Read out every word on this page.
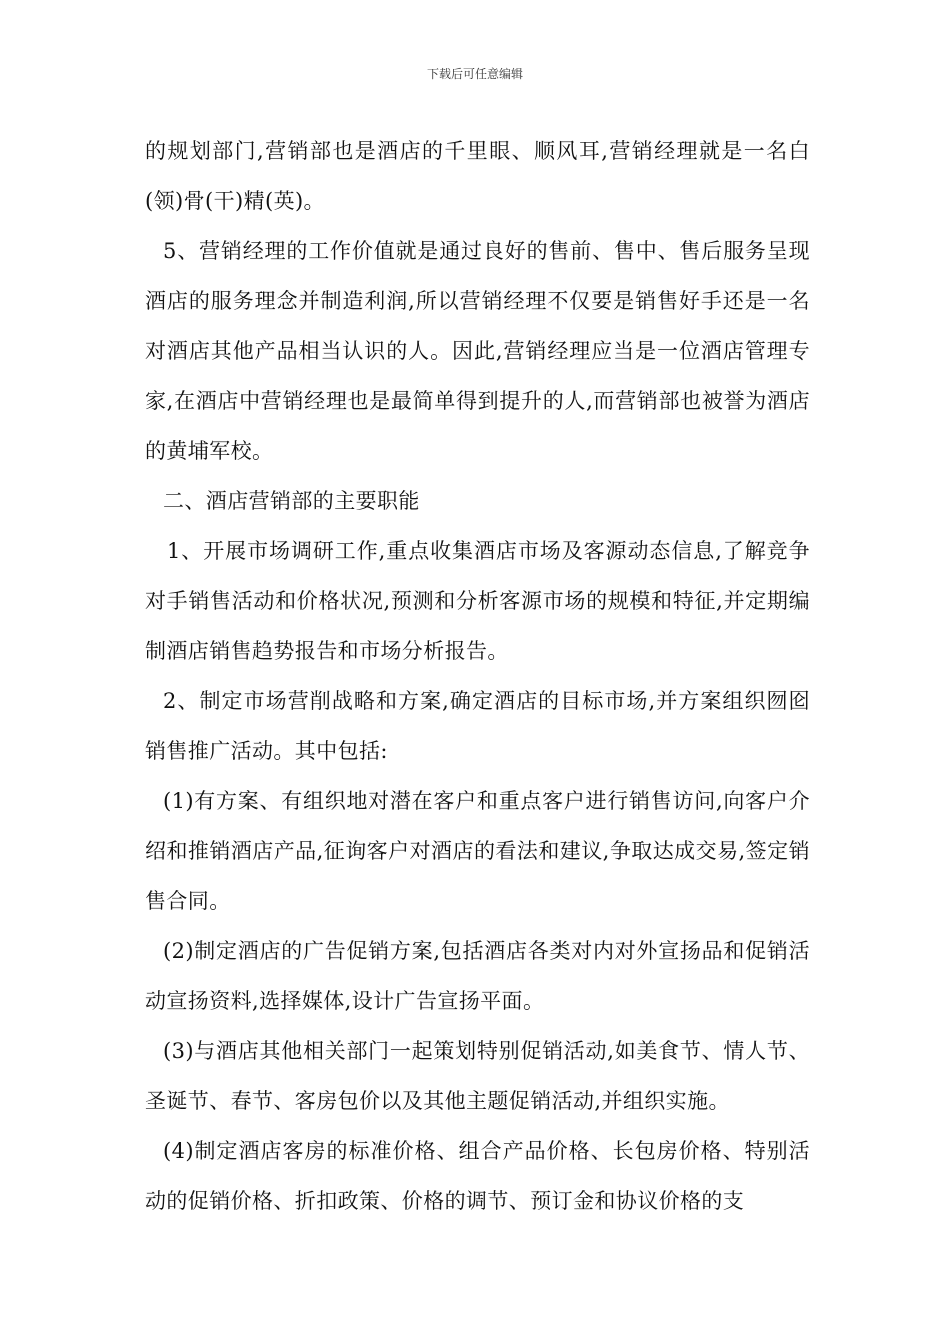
下载后可任意编辑

的规划部门,营销部也是酒店的千里眼、顺风耳,营销经理就是一名白(领)骨(干)精(英)。

5、营销经理的工作价值就是通过良好的售前、售中、售后服务呈现酒店的服务理念并制造利润,所以营销经理不仅要是销售好手还是一名对酒店其他产品相当认识的人。因此,营销经理应当是一位酒店管理专家,在酒店中营销经理也是最简单得到提升的人,而营销部也被誉为酒店的黄埔军校。

二、酒店营销部的主要职能

1、开展市场调研工作,重点收集酒店市场及客源动态信息,了解竞争对手销售活动和价格状况,预测和分析客源市场的规模和特征,并定期编制酒店销售趋势报告和市场分析报告。

2、制定市场营削战略和方案,确定酒店的目标市场,并方案组织囫囵销售推广活动。其中包括:

(1)有方案、有组织地对潜在客户和重点客户进行销售访问,向客户介绍和推销酒店产品,征询客户对酒店的看法和建议,争取达成交易,签定销售合同。

(2)制定酒店的广告促销方案,包括酒店各类对内对外宣扬品和促销活动宣扬资料,选择媒体,设计广告宣扬平面。

(3)与酒店其他相关部门一起策划特别促销活动,如美食节、情人节、圣诞节、春节、客房包价以及其他主题促销活动,并组织实施。

(4)制定酒店客房的标准价格、组合产品价格、长包房价格、特别活动的促销价格、折扣政策、价格的调节、预订金和协议价格的支
